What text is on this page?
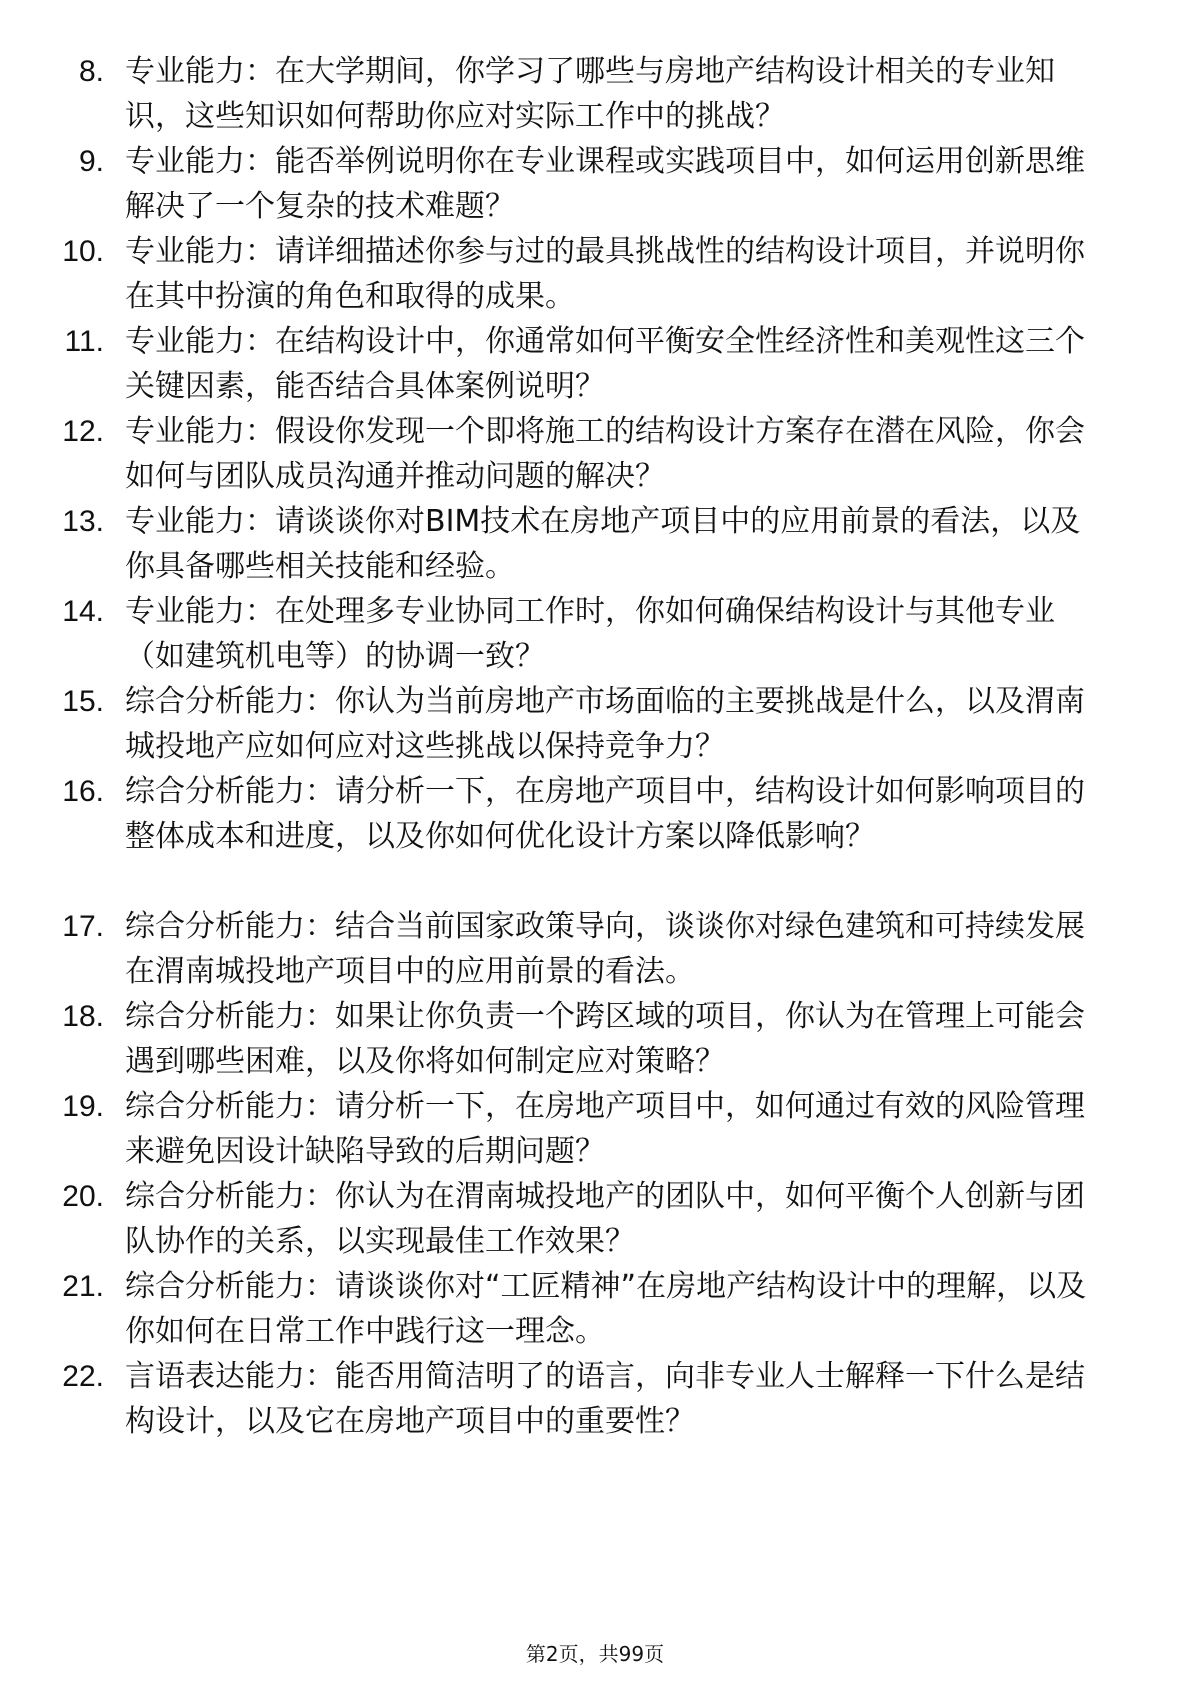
8. 专业能力：在大学期间，你学习了哪些与房地产结构设计相关的专业知识，这些知识如何帮助你应对实际工作中的挑战？
9. 专业能力：能否举例说明你在专业课程或实践项目中，如何运用创新思维解决了一个复杂的技术难题？
10. 专业能力：请详细描述你参与过的最具挑战性的结构设计项目，并说明你在其中扮演的角色和取得的成果。
11. 专业能力：在结构设计中，你通常如何平衡安全性经济性和美观性这三个关键因素，能否结合具体案例说明？
12. 专业能力：假设你发现一个即将施工的结构设计方案存在潜在风险，你会如何与团队成员沟通并推动问题的解决？
13. 专业能力：请谈谈你对BIM技术在房地产项目中的应用前景的看法，以及你具备哪些相关技能和经验。
14. 专业能力：在处理多专业协同工作时，你如何确保结构设计与其他专业（如建筑机电等）的协调一致？
15. 综合分析能力：你认为当前房地产市场面临的主要挑战是什么，以及渭南城投地产应如何应对这些挑战以保持竞争力？
16. 综合分析能力：请分析一下，在房地产项目中，结构设计如何影响项目的整体成本和进度，以及你如何优化设计方案以降低影响？
17. 综合分析能力：结合当前国家政策导向，谈谈你对绿色建筑和可持续发展在渭南城投地产项目中的应用前景的看法。
18. 综合分析能力：如果让你负责一个跨区域的项目，你认为在管理上可能会遇到哪些困难，以及你将如何制定应对策略？
19. 综合分析能力：请分析一下，在房地产项目中，如何通过有效的风险管理来避免因设计缺陷导致的后期问题？
20. 综合分析能力：你认为在渭南城投地产的团队中，如何平衡个人创新与团队协作的关系，以实现最佳工作效果？
21. 综合分析能力：请谈谈你对“工匠精神”在房地产结构设计中的理解，以及你如何在日常工作中践行这一理念。
22. 言语表达能力：能否用简洁明了的语言，向非专业人士解释一下什么是结构设计，以及它在房地产项目中的重要性？
第2页，共99页
